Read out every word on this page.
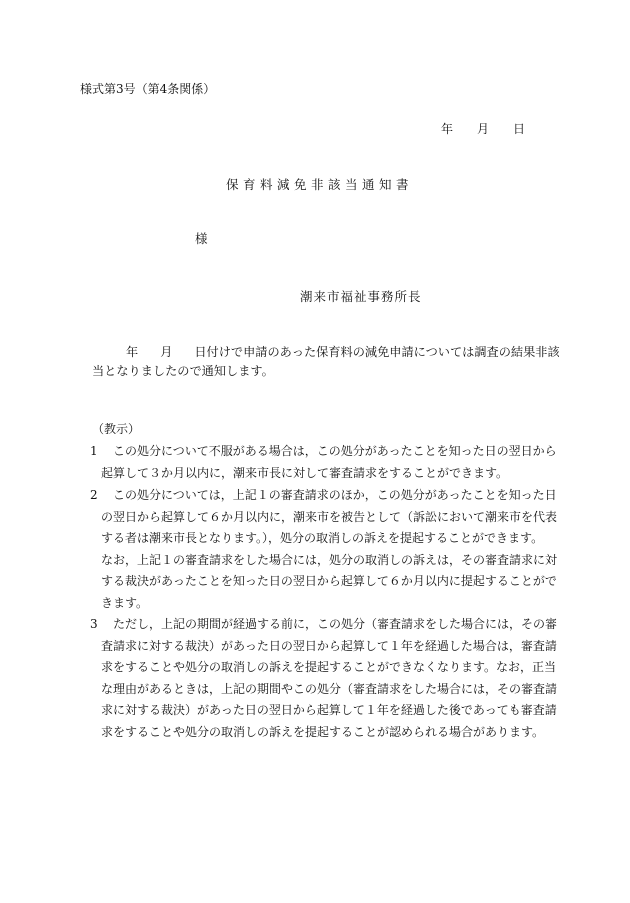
様式第3号（第4条関係）
年 月 日
保育料減免非該当通知書
様
潮来市福祉事務所長
年 月 日付けで申請のあった保育料の減免申請については調査の結果非該
当となりましたので通知します。
（教示）
1	この処分について不服がある場合は，この処分があったことを知った日の翌日から
起算して３か月以内に，潮来市長に対して審査請求をすることができます。
2	この処分については，上記１の審査請求のほか，この処分があったことを知った日
の翌日から起算して６か月以内に，潮来市を被告として（訴訟において潮来市を代表
する者は潮来市長となります。），処分の取消しの訴えを提起することができます。
なお，上記１の審査請求をした場合には，処分の取消しの訴えは，その審査請求に対
する裁決があったことを知った日の翌日から起算して６か月以内に提起することがで
きます。
3	ただし，上記の期間が経過する前に，この処分（審査請求をした場合には，その審
査請求に対する裁決）があった日の翌日から起算して１年を経過した場合は，審査請
求をすることや処分の取消しの訴えを提起することができなくなります。なお，正当
な理由があるときは，上記の期間やこの処分（審査請求をした場合には，その審査請
求に対する裁決）があった日の翌日から起算して１年を経過した後であっても審査請
求をすることや処分の取消しの訴えを提起することが認められる場合があります。
